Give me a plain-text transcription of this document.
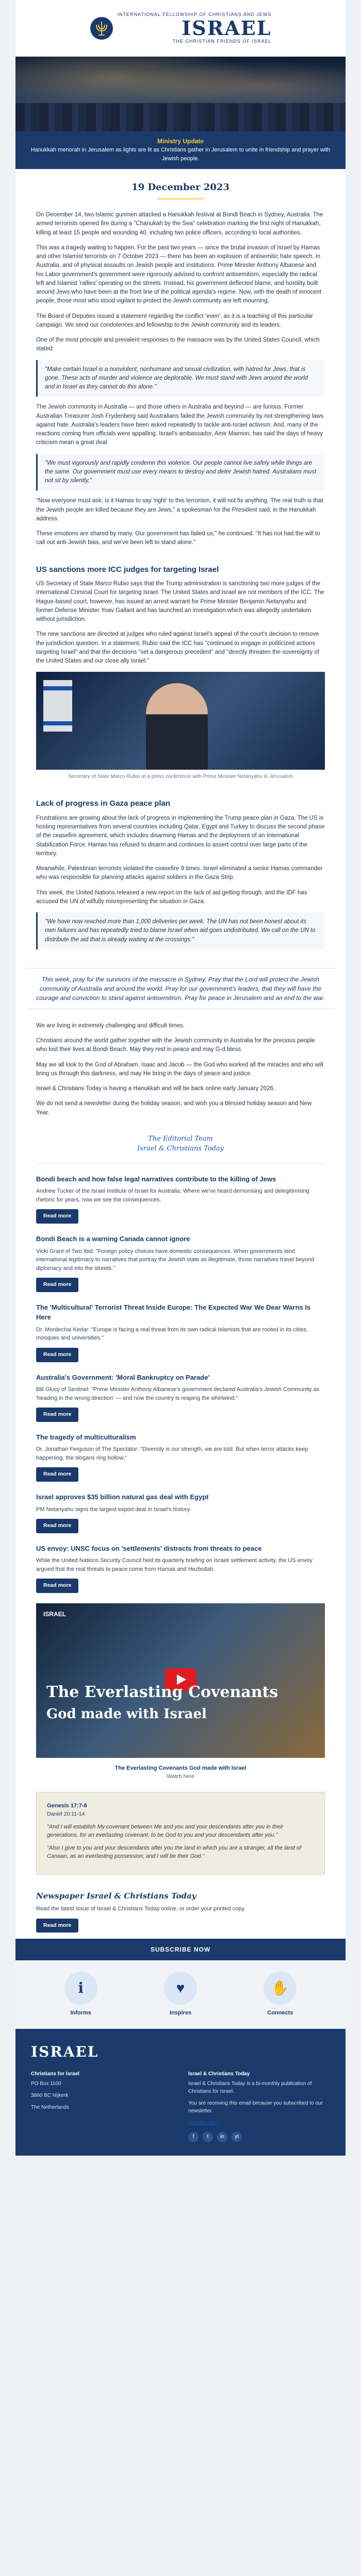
INTERNATIONAL FELLOWSHIP OF CHRISTIANS AND JEWS
ISRAEL
THE CHRISTIAN FRIENDS OF ISRAEL
Ministry Update
Hanukkah menorah in Jerusalem as lights are lit as Christians gather in Jerusalem to unite in friendship and prayer with Jewish people.
19 December 2023

On December 14, two Islamic gunmen attacked a Hanukkah festival at Bondi Beach in Sydney, Australia. The armed terrorists opened fire during a "Chanukah by the Sea" celebration marking the first night of Hanukkah, killing at least 15 people and wounding 40, including two police officers, according to local authorities.

This was a tragedy waiting to happen. For the past two years — since the brutal invasion of Israel by Hamas and other Islamist terrorists on 7 October 2023 — there has been an explosion of antisemitic hate speech, in Australia, and of physical assaults on Jewish people and institutions. Prime Minister Anthony Albanese and his Labor government's government were rigorously advised to confront antisemitism, especially the radical left and Islamist 'rallies' operating on the streets. Instead, his government deflected blame, and hostility built around Jews who have been at the front line of the political agenda's regime. Now, with the death of innocent people, those most who stood vigilant to protect the Jewish community are left mourning.

The Board of Deputies issued a statement regarding the conflict 'even', as it is a teaching of this particular campaign. We send our condolences and fellowship to the Jewish community and its leaders.

One of the most principle and prevalent responses to the massacre was by the United States Council, which stated:

"Make certain Israel is a nonviolent, nonhumane and sexual civilization, with hatred for Jews, that is gone. These acts of murder and violence are deplorable. We must stand with Jews around the world and in Israel as they cannot do this alone."

The Jewish community in Australia — and those others in Australia and beyond — are furious. Former Australian Treasurer Josh Frydenberg said Australians failed the Jewish community by not strengthening laws against hate. Australia's leaders have been asked repeatedly to tackle anti-Israel activism. And, many of the reactions coming from officials were appalling. Israel's ambassador, Amir Maimon, has said the days of heavy criticism mean a great deal.

"We must vigorously and rapidly condemn this violence. Our people cannot live safely while things are the same. Our government must use every means to destroy and deter Jewish hatred. Australians must not sit by silently."

"Now everyone must ask: is it Hamas to say 'right' to this terrorism, it will not fix anything. The real truth is that the Jewish people are killed because they are Jews," a spokesman for the President said, in the Hanukkah address.

These emotions are shared by many. Our government has failed us," he continued. "It has not had the will to call out anti-Jewish bias, and we've been left to stand alone."

US sanctions more ICC judges for targeting Israel

US Secretary of State Marco Rubio says that the Trump administration is sanctioning two more judges of the International Criminal Court for targeting Israel. The United States and Israel are not members of the ICC. The Hague-based court, however, has issued an arrest warrant for Prime Minister Benjamin Netanyahu and former Defense Minister Yoav Gallant and has launched an investigation which was allegedly undertaken without jurisdiction.

The new sanctions are directed at judges who ruled against Israel's appeal of the court's decision to remove the jurisdiction question. In a statement, Rubio said the ICC has "continued to engage in politicized actions targeting Israel" and that the decisions "set a dangerous precedent" and "directly threaten the sovereignty of the United States and our close ally Israel."

Secretary of State Marco Rubio at a press conference with Prime Minister Netanyahu in Jerusalem
Lack of progress in Gaza peace plan

Frustrations are growing about the lack of progress in implementing the Trump peace plan in Gaza. The US is hosting representatives from several countries including Qatar, Egypt and Turkey to discuss the second phase of the ceasefire agreement, which includes disarming Hamas and the deployment of an International Stabilization Force. Hamas has refused to disarm and continues to assert control over large parts of the territory.

Meanwhile, Palestinian terrorists violated the ceasefire 9 times. Israel eliminated a senior Hamas commander who was responsible for planning attacks against soldiers in the Gaza Strip.

This week, the United Nations released a new report on the lack of aid getting through, and the IDF has accused the UN of wilfully misrepresenting the situation in Gaza.

"We have now reached more than 1,000 deliveries per week. The UN has not been honest about its own failures and has repeatedly tried to blame Israel when aid goes undistributed. We call on the UN to distribute the aid that is already waiting at the crossings."
This week, pray for the survivors of the massacre in Sydney. Pray that the Lord will protect the Jewish community of Australia and around the world. Pray for our government's leaders, that they will have the courage and conviction to stand against antisemitism. Pray for peace in Jerusalem and an end to the war.

We are living in extremely challenging and difficult times.

Christians around the world gather together with the Jewish community in Australia for the precious people who lost their lives at Bondi Beach. May they rest in peace and may G-d bless.

May we all look to the God of Abraham, Isaac and Jacob — the God who worked all the miracles and who will bring us through this darkness, and may He bring in the days of peace and justice.

Israel & Christians Today is having a Hanukkah and will be back online early January 2026.

We do not send a newsletter during the holiday season, and wish you a blessed holiday season and New Year.

The Editorial Team
Israel & Christians Today
Bondi beach and how false legal narratives contribute to the killing of Jews

Andrew Tucker of the Israel Institute of Israel for Australia: Where we've heard demonising and delegitimising rhetoric for years, now we see the consequences.

Read more
Bondi Beach is a warning Canada cannot ignore

Vicki Grant of Two Ibid: "Foreign policy choices have domestic consequences. When governments lend international legitimacy to narratives that portray the Jewish state as illegitimate, those narratives travel beyond diplomacy and into the streets."

Read more
The 'Multicultural' Terrorist Threat Inside Europe: The Expected War We Dear Warns Is Here

Dr. Mordechai Kedar: "Europe is facing a real threat from its own radical Islamists that are rooted in its cities, mosques and universities."

Read more
Australia's Government: 'Moral Bankruptcy on Parade'

Bill Glucy of Sentinel: "Prime Minister Anthony Albanese's government declared Australia's Jewish Community as 'heading in the wrong direction' — and now the country is reaping the whirlwind."

Read more
The tragedy of multiculturalism

Dr. Jonathan Ferguson of The Spectator: "Diversity is our strength, we are told. But when terror attacks keep happening, the slogans ring hollow."

Read more
Israel approves $35 billion natural gas deal with Egypt

PM Netanyahu signs the largest export deal in Israel's history.

Read more
US envoy: UNSC focus on 'settlements' distracts from threats to peace

While the United Nations Security Council held its quarterly briefing on Israeli settlement activity, the US envoy argued that the real threats to peace come from Hamas and Hezbollah.

Read more
ISRAEL
The Everlasting Covenants
God made with Israel
The Everlasting Covenants God made with Israel
Watch here
Genesis 17:7-8
Daniel 20:11-14

"And I will establish My covenant between Me and you and your descendants after you in their generations, for an everlasting covenant, to be God to you and your descendants after you."

"Also I give to you and your descendants after you the land in which you are a stranger, all the land of Canaan, as an everlasting possession; and I will be their God."

Newspaper Israel & Christians Today

Read the latest issue of Israel & Christians Today online, or order your printed copy.

Read more
SUBSCRIBE NOW
ℹ
Informs
♥
Inspires
✋
Connects
ISRAEL
Christians for Israel

PO Box 1100

3860 BC Nijkerk

The Netherlands

Israel & Christians Today

Israel & Christians Today is a bi-monthly publication of Christians for Israel.

You are receiving this email because you subscribed to our newsletter.

Unsubscribe

f	t	in	yt
